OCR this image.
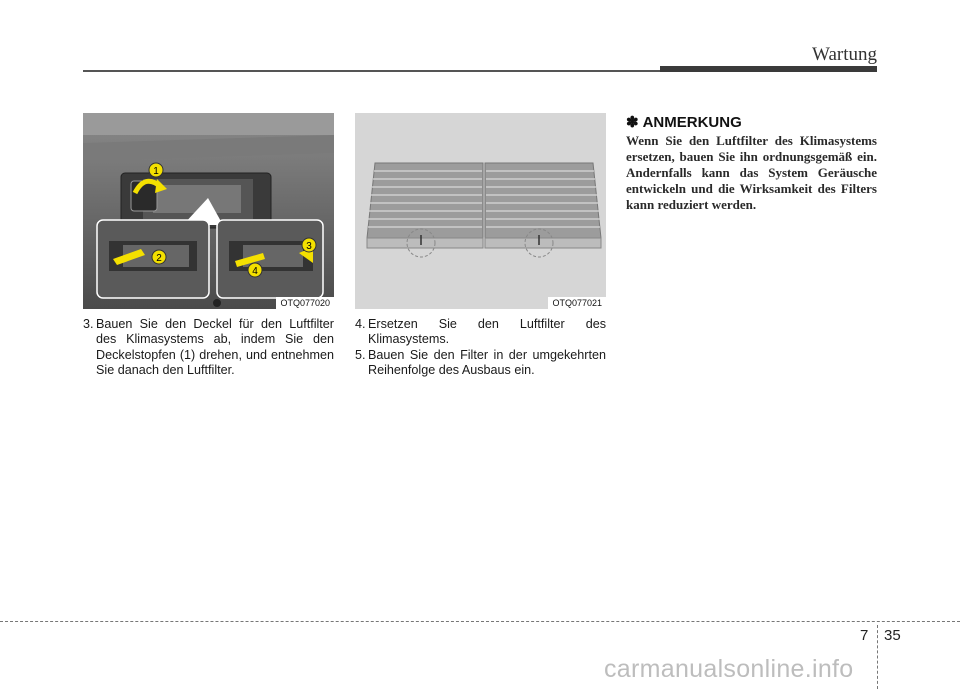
Wartung
1
2
3
4
OTQ077020	OTQ077021
3. Bauen Sie den Deckel für den Luftfilter des Klimasystems ab, indem Sie den Deckelstopfen (1) drehen, und entnehmen Sie danach den Luftfilter.
4. Ersetzen Sie den Luftfilter des Klimasystems.
5. Bauen Sie den Filter in der umgekehrten Reihenfolge des Ausbaus ein.
✽ ANMERKUNG
Wenn Sie den Luftfilter des Klimasystems ersetzen, bauen Sie ihn ordnungsgemäß ein. Andernfalls kann das System Geräusche entwickeln und die Wirksamkeit des Filters kann reduziert werden.
7 35
carmanualsonline.info
